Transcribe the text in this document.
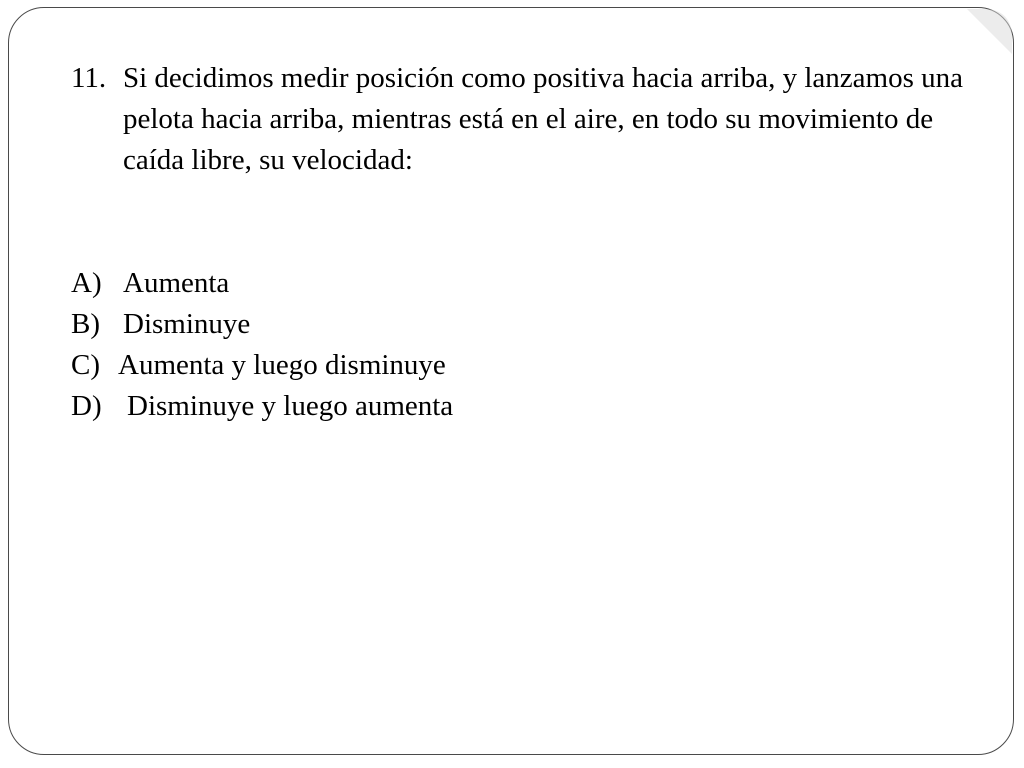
11. Si decidimos medir posición como positiva hacia arriba, y lanzamos una pelota hacia arriba, mientras está en el aire, en todo su movimiento de caída libre, su velocidad:
A) Aumenta
B) Disminuye
C) Aumenta y luego disminuye
D) Disminuye y luego aumenta
